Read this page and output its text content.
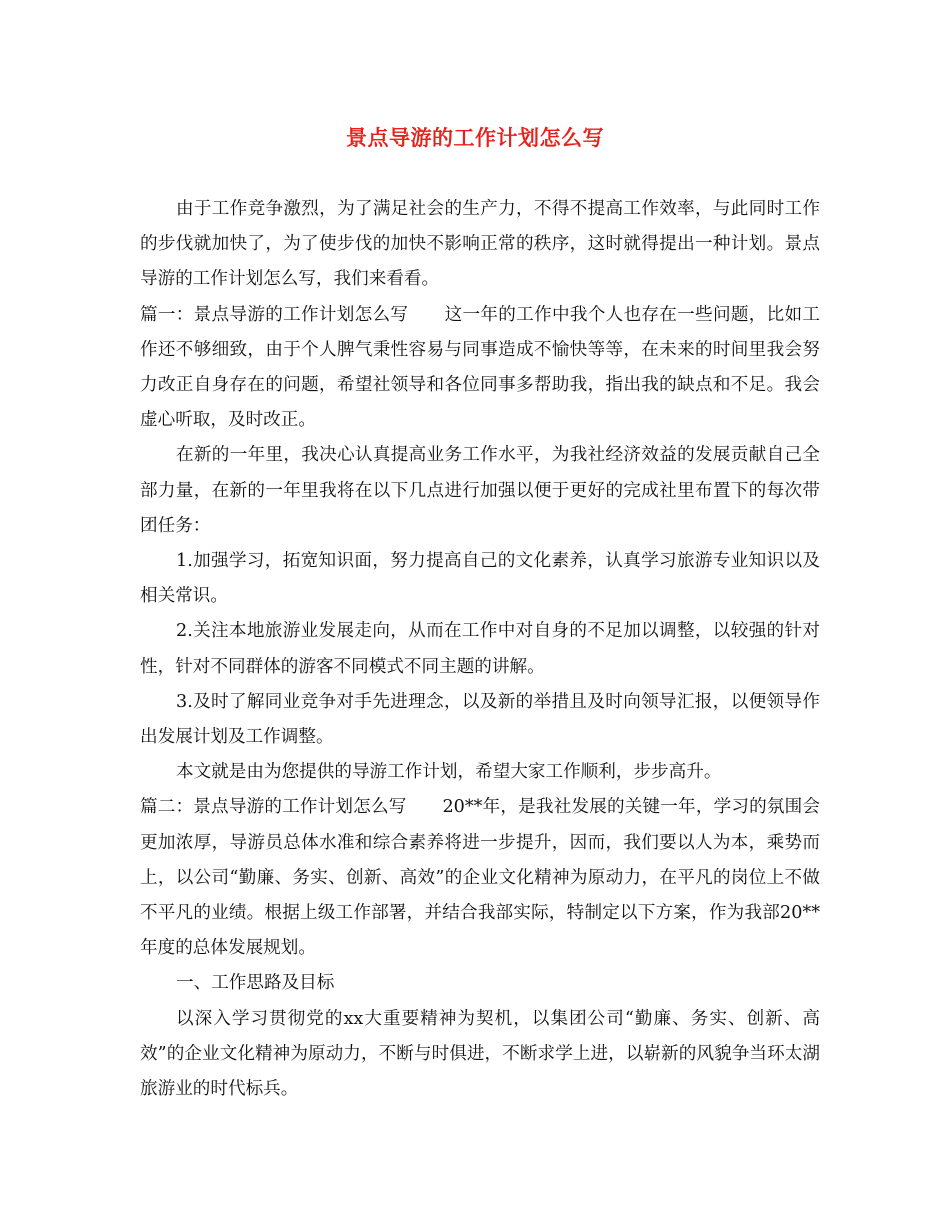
景点导游的工作计划怎么写

由于工作竞争激烈，为了满足社会的生产力，不得不提高工作效率，与此同时工作的步伐就加快了，为了使步伐的加快不影响正常的秩序，这时就得提出一种计划。景点导游的工作计划怎么写，我们来看看。

篇一：景点导游的工作计划怎么写 这一年的工作中我个人也存在一些问题，比如工作还不够细致，由于个人脾气秉性容易与同事造成不愉快等等，在未来的时间里我会努力改正自身存在的问题，希望社领导和各位同事多帮助我，指出我的缺点和不足。我会虚心听取，及时改正。

在新的一年里，我决心认真提高业务工作水平，为我社经济效益的发展贡献自己全部力量，在新的一年里我将在以下几点进行加强以便于更好的完成社里布置下的每次带团任务：

1.加强学习，拓宽知识面，努力提高自己的文化素养，认真学习旅游专业知识以及相关常识。

2.关注本地旅游业发展走向，从而在工作中对自身的不足加以调整，以较强的针对性，针对不同群体的游客不同模式不同主题的讲解。

3.及时了解同业竞争对手先进理念，以及新的举措且及时向领导汇报，以便领导作出发展计划及工作调整。

本文就是由为您提供的导游工作计划，希望大家工作顺利，步步高升。

篇二：景点导游的工作计划怎么写 20**年，是我社发展的关键一年，学习的氛围会更加浓厚，导游员总体水准和综合素养将进一步提升，因而，我们要以人为本，乘势而上，以公司“勤廉、务实、创新、高效”的企业文化精神为原动力，在平凡的岗位上不做不平凡的业绩。根据上级工作部署，并结合我部实际，特制定以下方案，作为我部20**年度的总体发展规划。

一、工作思路及目标

以深入学习贯彻党的xx大重要精神为契机，以集团公司“勤廉、务实、创新、高效”的企业文化精神为原动力，不断与时俱进，不断求学上进，以崭新的风貌争当环太湖旅游业的时代标兵。
